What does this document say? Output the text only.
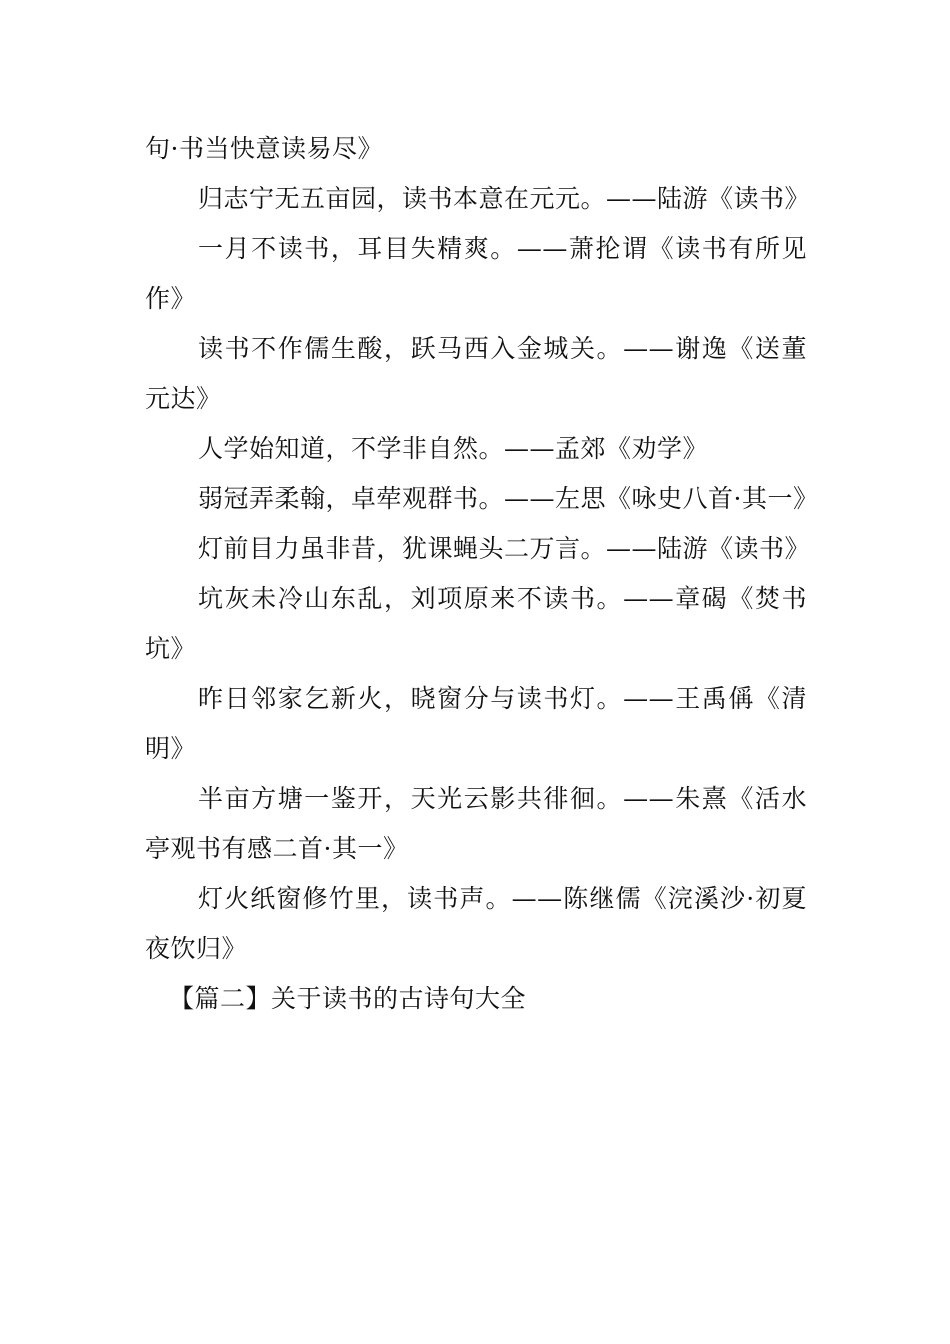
句·书当快意读易尽》

归志宁无五亩园，读书本意在元元。——陆游《读书》

一月不读书，耳目失精爽。——萧抡谓《读书有所见作》

读书不作儒生酸，跃马西入金城关。——谢逸《送董元达》

人学始知道，不学非自然。——孟郊《劝学》

弱冠弄柔翰，卓荦观群书。——左思《咏史八首·其一》

灯前目力虽非昔，犹课蝇头二万言。——陆游《读书》

坑灰未冷山东乱，刘项原来不读书。——章碣《焚书坑》

昨日邻家乞新火，晓窗分与读书灯。——王禹偁《清明》

半亩方塘一鉴开，天光云影共徘徊。——朱熹《活水亭观书有感二首·其一》

灯火纸窗修竹里，读书声。——陈继儒《浣溪沙·初夏夜饮归》

【篇二】关于读书的古诗句大全
